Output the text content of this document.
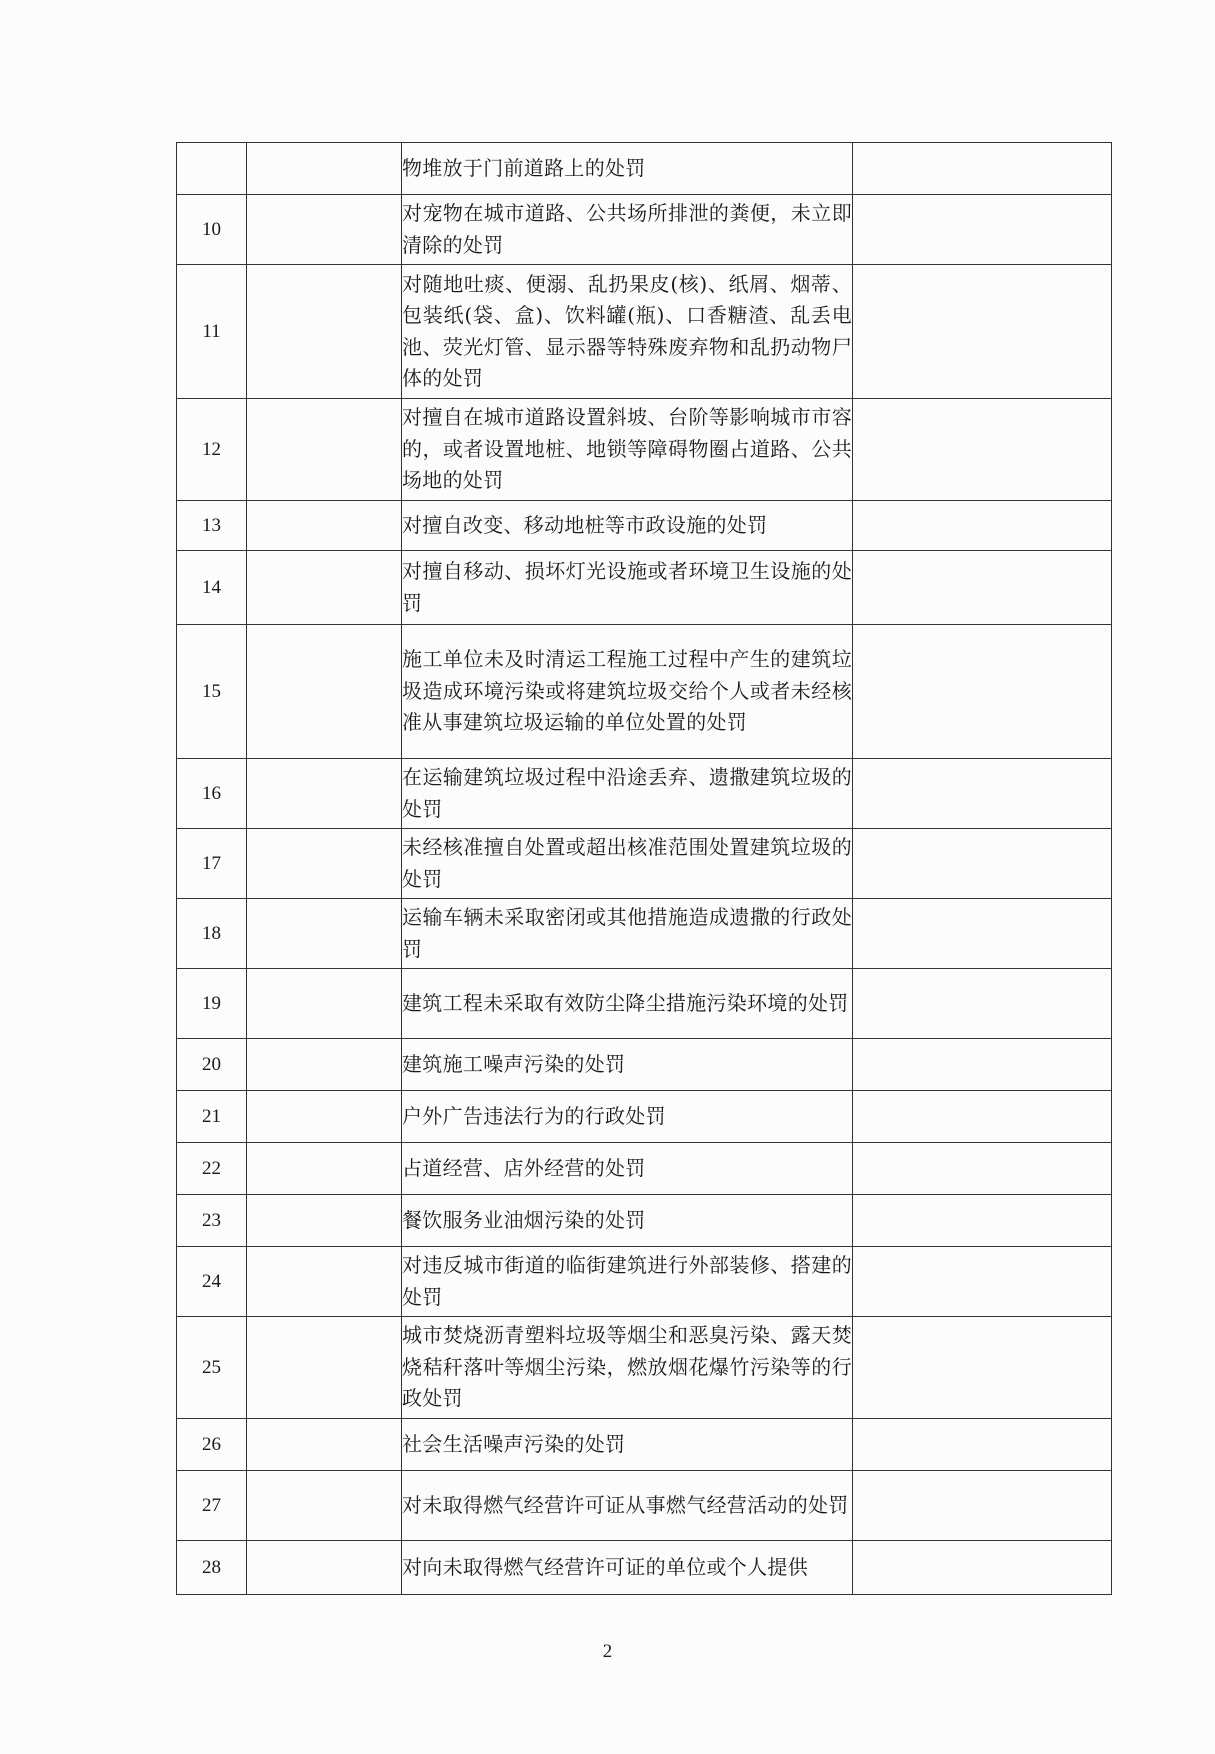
		物堆放于门前道路上的处罚	
10		对宠物在城市道路、公共场所排泄的粪便，未立即清除的处罚	
11		对随地吐痰、便溺、乱扔果皮(核)、纸屑、烟蒂、包装纸(袋、盒)、饮料罐(瓶)、口香糖渣、乱丢电池、荧光灯管、显示器等特殊废弃物和乱扔动物尸体的处罚	
12		对擅自在城市道路设置斜坡、台阶等影响城市市容的，或者设置地桩、地锁等障碍物圈占道路、公共场地的处罚	
13		对擅自改变、移动地桩等市政设施的处罚	
14		对擅自移动、损坏灯光设施或者环境卫生设施的处罚	
15		施工单位未及时清运工程施工过程中产生的建筑垃圾造成环境污染或将建筑垃圾交给个人或者未经核准从事建筑垃圾运输的单位处置的处罚	
16		在运输建筑垃圾过程中沿途丢弃、遗撒建筑垃圾的处罚	
17		未经核准擅自处置或超出核准范围处置建筑垃圾的处罚	
18		运输车辆未采取密闭或其他措施造成遗撒的行政处罚	
19		建筑工程未采取有效防尘降尘措施污染环境的处罚	
20		建筑施工噪声污染的处罚	
21		户外广告违法行为的行政处罚	
22		占道经营、店外经营的处罚	
23		餐饮服务业油烟污染的处罚	
24		对违反城市街道的临街建筑进行外部装修、搭建的处罚	
25		城市焚烧沥青塑料垃圾等烟尘和恶臭污染、露天焚烧秸秆落叶等烟尘污染，燃放烟花爆竹污染等的行政处罚	
26		社会生活噪声污染的处罚	
27		对未取得燃气经营许可证从事燃气经营活动的处罚	
28		对向未取得燃气经营许可证的单位或个人提供	
2
